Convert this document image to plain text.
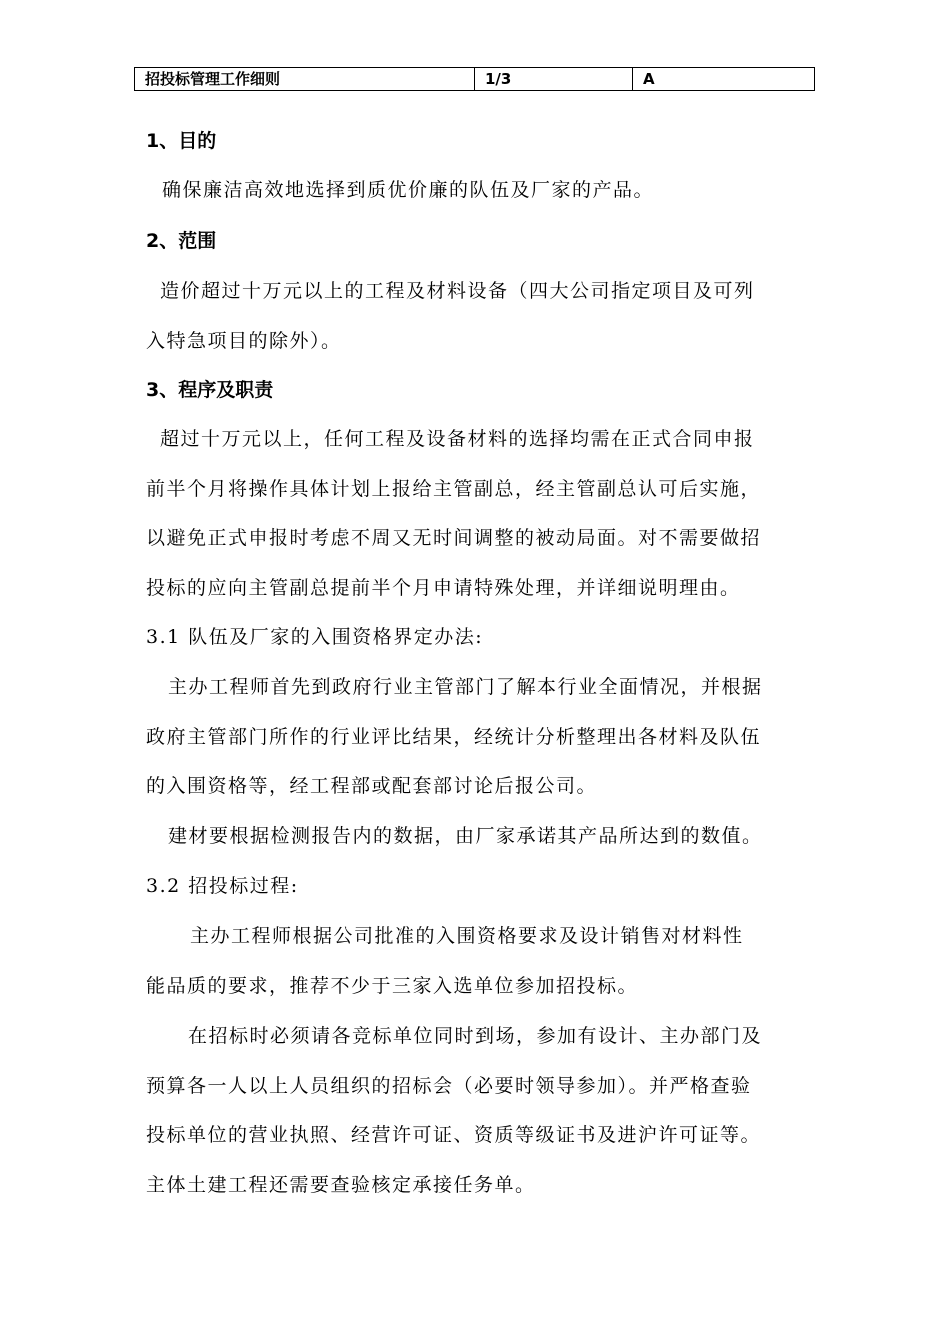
招投标管理工作细则	1/3	A
1、目的
确保廉洁高效地选择到质优价廉的队伍及厂家的产品。
2、范围
造价超过十万元以上的工程及材料设备（四大公司指定项目及可列
入特急项目的除外）。
3、程序及职责
超过十万元以上，任何工程及设备材料的选择均需在正式合同申报
前半个月将操作具体计划上报给主管副总，经主管副总认可后实施，
以避免正式申报时考虑不周又无时间调整的被动局面。对不需要做招
投标的应向主管副总提前半个月申请特殊处理，并详细说明理由。
3.1 队伍及厂家的入围资格界定办法:
主办工程师首先到政府行业主管部门了解本行业全面情况，并根据
政府主管部门所作的行业评比结果，经统计分析整理出各材料及队伍
的入围资格等，经工程部或配套部讨论后报公司。
建材要根据检测报告内的数据，由厂家承诺其产品所达到的数值。
3.2 招投标过程:
主办工程师根据公司批准的入围资格要求及设计销售对材料性
能品质的要求，推荐不少于三家入选单位参加招投标。
在招标时必须请各竞标单位同时到场，参加有设计、主办部门及
预算各一人以上人员组织的招标会（必要时领导参加）。并严格查验
投标单位的营业执照、经营许可证、资质等级证书及进沪许可证等。
主体土建工程还需要查验核定承接任务单。
